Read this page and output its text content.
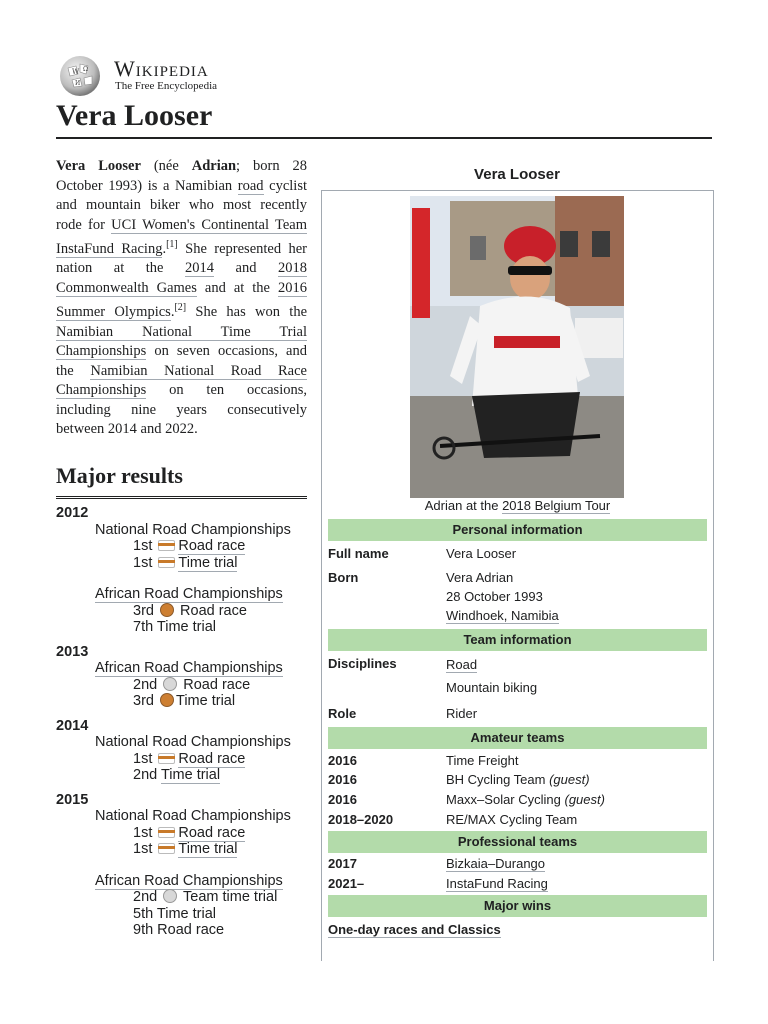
W Ω
И
Wikipedia
The Free Encyclopedia
Vera Looser

Vera Looser (née Adrian; born 28 October 1993) is a Namibian road cyclist and mountain biker who most recently rode for UCI Women's Continental Team InstaFund Racing.[1] She represented her nation at the 2014 and 2018 Commonwealth Games and at the 2016 Summer Olympics.[2] She has won the Namibian National Time Trial Championships on seven occasions, and the Namibian National Road Race Championships on ten occasions, including nine years consecutively between 2014 and 2022.

Major results
2012
National Road Championships
1st Road race
1st Time trial
African Road Championships
3rd Road race
7th Time trial
2013
African Road Championships
2nd Road race
3rd Time trial
2014
National Road Championships
1st Road race
2nd Time trial
2015
National Road Championships
1st Road race
1st Time trial
African Road Championships
2nd Team time trial
5th Time trial
9th Road race
Vera Looser
Adrian at the 2018 Belgium Tour
Personal information
Full name	Vera Looser
Born	Vera Adrian
28 October 1993
Windhoek, Namibia
Team information
Disciplines	Road
Mountain biking
Role	Rider
Amateur teams
2016	Time Freight
2016	BH Cycling Team (guest)
2016	Maxx–Solar Cycling (guest)
2018–2020	RE/MAX Cycling Team
Professional teams
2017	Bizkaia–Durango
2021–	InstaFund Racing
Major wins
One-day races and Classics
